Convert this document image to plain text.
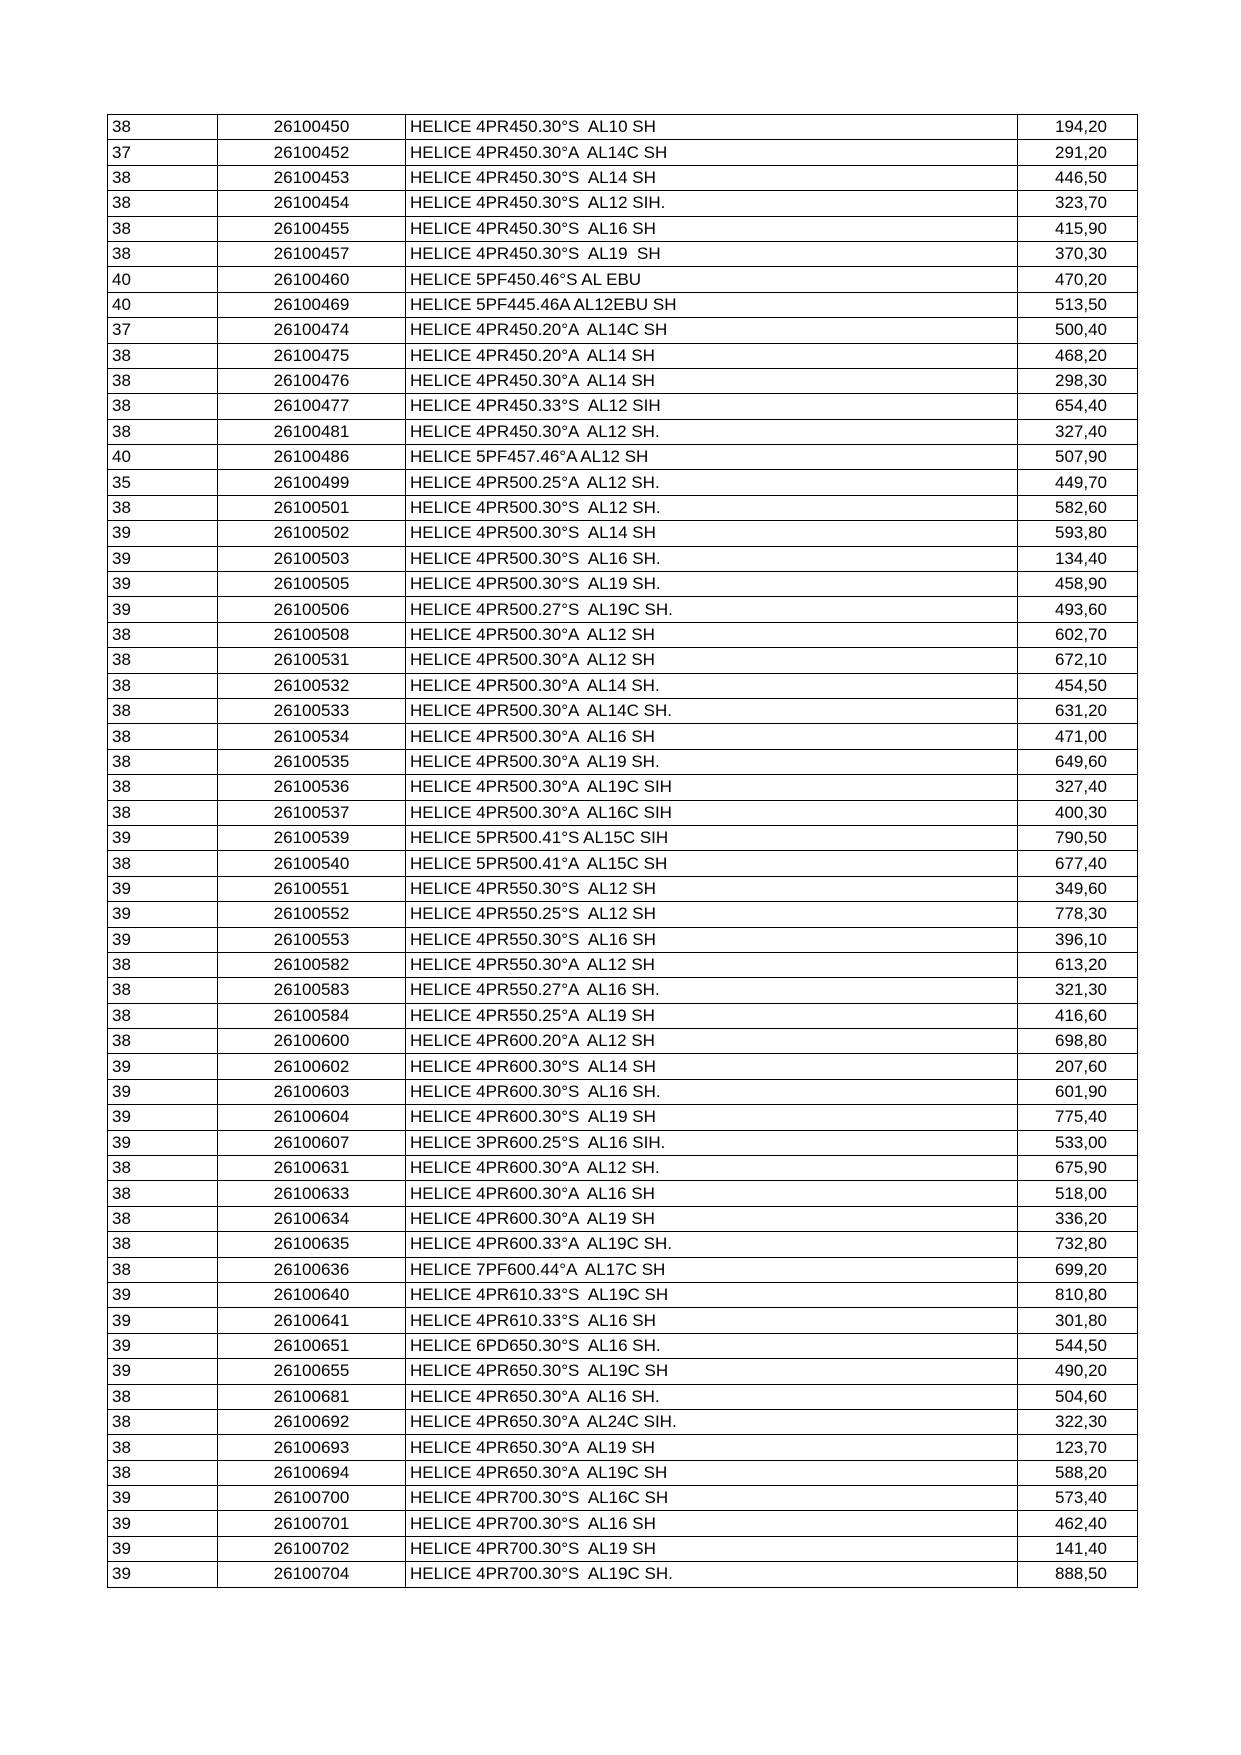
38	26100450	HELICE 4PR450.30°S  AL10 SH	194,20
37	26100452	HELICE 4PR450.30°A  AL14C SH	291,20
38	26100453	HELICE 4PR450.30°S  AL14 SH	446,50
38	26100454	HELICE 4PR450.30°S  AL12 SIH.	323,70
38	26100455	HELICE 4PR450.30°S  AL16 SH	415,90
38	26100457	HELICE 4PR450.30°S  AL19  SH	370,30
40	26100460	HELICE 5PF450.46°S AL EBU	470,20
40	26100469	HELICE 5PF445.46A AL12EBU SH	513,50
37	26100474	HELICE 4PR450.20°A  AL14C SH	500,40
38	26100475	HELICE 4PR450.20°A  AL14 SH	468,20
38	26100476	HELICE 4PR450.30°A  AL14 SH	298,30
38	26100477	HELICE 4PR450.33°S  AL12 SIH	654,40
38	26100481	HELICE 4PR450.30°A  AL12 SH.	327,40
40	26100486	HELICE 5PF457.46°A AL12 SH	507,90
35	26100499	HELICE 4PR500.25°A  AL12 SH.	449,70
38	26100501	HELICE 4PR500.30°S  AL12 SH.	582,60
39	26100502	HELICE 4PR500.30°S  AL14 SH	593,80
39	26100503	HELICE 4PR500.30°S  AL16 SH.	134,40
39	26100505	HELICE 4PR500.30°S  AL19 SH.	458,90
39	26100506	HELICE 4PR500.27°S  AL19C SH.	493,60
38	26100508	HELICE 4PR500.30°A  AL12 SH	602,70
38	26100531	HELICE 4PR500.30°A  AL12 SH	672,10
38	26100532	HELICE 4PR500.30°A  AL14 SH.	454,50
38	26100533	HELICE 4PR500.30°A  AL14C SH.	631,20
38	26100534	HELICE 4PR500.30°A  AL16 SH	471,00
38	26100535	HELICE 4PR500.30°A  AL19 SH.	649,60
38	26100536	HELICE 4PR500.30°A  AL19C SIH	327,40
38	26100537	HELICE 4PR500.30°A  AL16C SIH	400,30
39	26100539	HELICE 5PR500.41°S AL15C SIH	790,50
38	26100540	HELICE 5PR500.41°A  AL15C SH	677,40
39	26100551	HELICE 4PR550.30°S  AL12 SH	349,60
39	26100552	HELICE 4PR550.25°S  AL12 SH	778,30
39	26100553	HELICE 4PR550.30°S  AL16 SH	396,10
38	26100582	HELICE 4PR550.30°A  AL12 SH	613,20
38	26100583	HELICE 4PR550.27°A  AL16 SH.	321,30
38	26100584	HELICE 4PR550.25°A  AL19 SH	416,60
38	26100600	HELICE 4PR600.20°A  AL12 SH	698,80
39	26100602	HELICE 4PR600.30°S  AL14 SH	207,60
39	26100603	HELICE 4PR600.30°S  AL16 SH.	601,90
39	26100604	HELICE 4PR600.30°S  AL19 SH	775,40
39	26100607	HELICE 3PR600.25°S  AL16 SIH.	533,00
38	26100631	HELICE 4PR600.30°A  AL12 SH.	675,90
38	26100633	HELICE 4PR600.30°A  AL16 SH	518,00
38	26100634	HELICE 4PR600.30°A  AL19 SH	336,20
38	26100635	HELICE 4PR600.33°A  AL19C SH.	732,80
38	26100636	HELICE 7PF600.44°A  AL17C SH	699,20
39	26100640	HELICE 4PR610.33°S  AL19C SH	810,80
39	26100641	HELICE 4PR610.33°S  AL16 SH	301,80
39	26100651	HELICE 6PD650.30°S  AL16 SH.	544,50
39	26100655	HELICE 4PR650.30°S  AL19C SH	490,20
38	26100681	HELICE 4PR650.30°A  AL16 SH.	504,60
38	26100692	HELICE 4PR650.30°A  AL24C SIH.	322,30
38	26100693	HELICE 4PR650.30°A  AL19 SH	123,70
38	26100694	HELICE 4PR650.30°A  AL19C SH	588,20
39	26100700	HELICE 4PR700.30°S  AL16C SH	573,40
39	26100701	HELICE 4PR700.30°S  AL16 SH	462,40
39	26100702	HELICE 4PR700.30°S  AL19 SH	141,40
39	26100704	HELICE 4PR700.30°S  AL19C SH.	888,50
